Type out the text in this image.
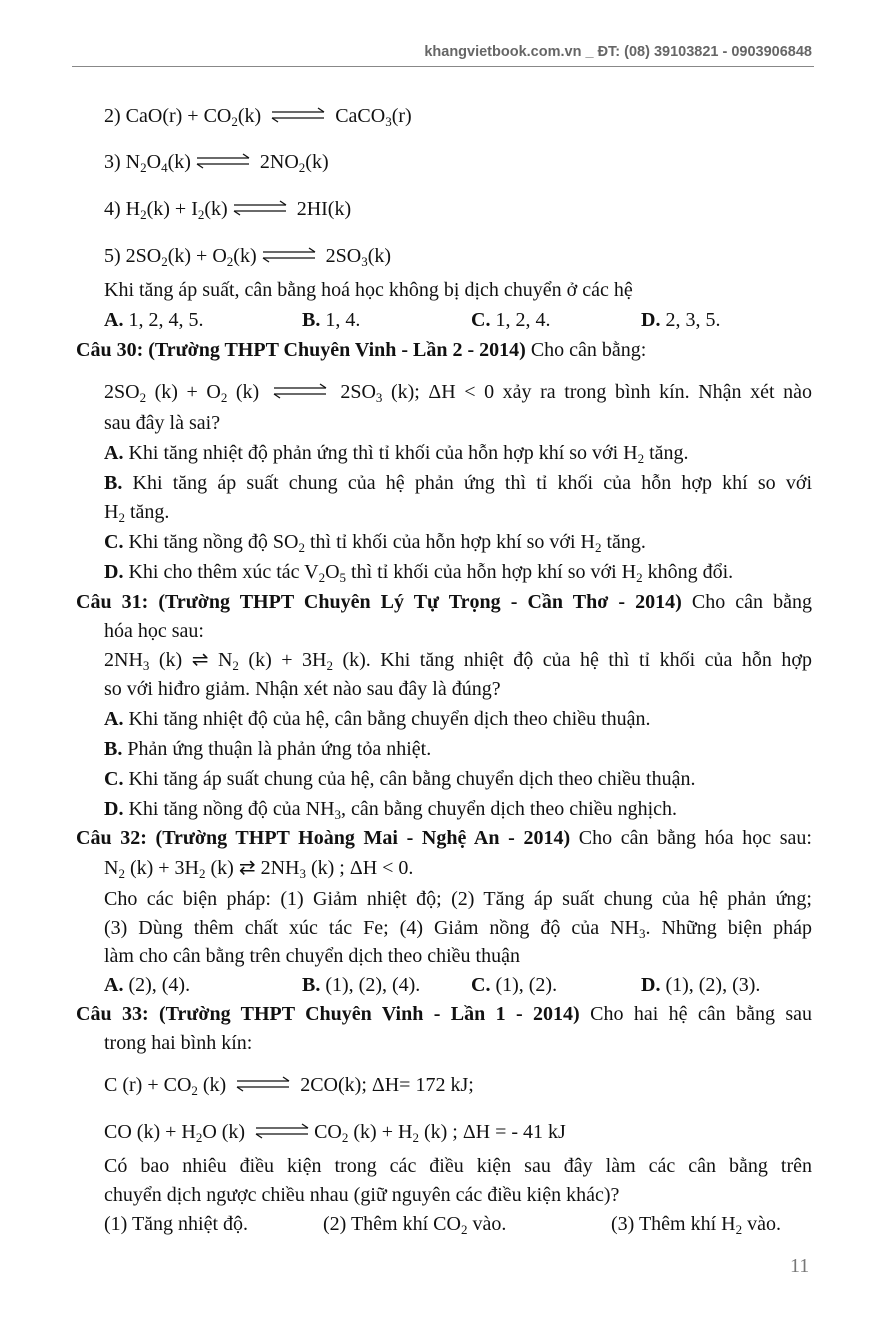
khangvietbook.com.vn _ ĐT: (08) 39103821 - 0903906848
2) $CaO(r) + CO_2(k)$ ⇌ CaCO$_3$(r)
3) $N_2O_4(k)$ ⇌ $2NO_2(k)$
4) $H_2(k) + I_2(k)$ ⇌ 2HI(k)
5) $2SO_2(k) + O_2(k)$ ⇌ $2SO_3(k)$
Khi tăng áp suất, cân bằng hoá học không bị dịch chuyển ở các hệ
A. 1, 2, 4, 5.	B. 1, 4.	C. 1, 2, 4.	D. 2, 3, 5.
Câu 30: (Trường THPT Chuyên Vinh - Lần 2 - 2014) Cho cân bằng:
$2SO_2$ $(k) + O_2$ (k) ⇌ $2SO_3$ (k); ΔH < 0 xảy ra trong bình kín. Nhận xét nào
sau đây là sai?
A. Khi tăng nhiệt độ phản ứng thì tỉ khối của hỗn hợp khí so với $H_2$ tăng.
B. Khi tăng áp suất chung của hệ phản ứng thì tỉ khối của hỗn hợp khí so với
$H_2$ tăng.
C. Khi tăng nồng độ $SO_2$ thì tỉ khối của hỗn hợp khí so với $H_2$ tăng.
D. Khi cho thêm xúc tác $V_2O_5$ thì tỉ khối của hỗn hợp khí so với $H_2$ không đổi.
Câu 31: (Trường THPT Chuyên Lý Tự Trọng - Cần Thơ - 2014) Cho cân bằng
hóa học sau:
$2NH_3$ (k) ⇌ $N_2$ $(k) + 3H_2$ (k). Khi tăng nhiệt độ của hệ thì tỉ khối của hỗn hợp
so với hiđro giảm. Nhận xét nào sau đây là đúng?
A. Khi tăng nhiệt độ của hệ, cân bằng chuyển dịch theo chiều thuận.
B. Phản ứng thuận là phản ứng tỏa nhiệt.
C. Khi tăng áp suất chung của hệ, cân bằng chuyển dịch theo chiều thuận.
D. Khi tăng nồng độ của $NH_3$, cân bằng chuyển dịch theo chiều nghịch.
Câu 32: (Trường THPT Hoàng Mai - Nghệ An - 2014) Cho cân bằng hóa học sau:
$N_2$ $(k) + 3H_2$ (k) ⇄ $2NH_3$ (k) ; ΔH < 0.
Cho các biện pháp: (1) Giảm nhiệt độ; (2) Tăng áp suất chung của hệ phản ứng;
(3) Dùng thêm chất xúc tác Fe; (4) Giảm nồng độ của $NH_3$. Những biện pháp
làm cho cân bằng trên chuyển dịch theo chiều thuận
A. (2), (4).	B. (1), (2), (4).	C. (1), (2).	D. (1), (2), (3).
Câu 33: (Trường THPT Chuyên Vinh - Lần 1 - 2014) Cho hai hệ cân bằng sau
trong hai bình kín:
C $(r) + CO_2$ (k) ⇌ 2CO(k); ΔH= 172 kJ;
CO $(k) + H_2O$ (k) ⇌ $CO_2$ $(k) + H_2$ (k) ; ΔH = - 41 kJ
Có bao nhiêu điều kiện trong các điều kiện sau đây làm các cân bằng trên
chuyển dịch ngược chiều nhau (giữ nguyên các điều kiện khác)?
(1) Tăng nhiệt độ.	(2) Thêm khí $CO_2$ vào.	(3) Thêm khí $H_2$ vào.
11
